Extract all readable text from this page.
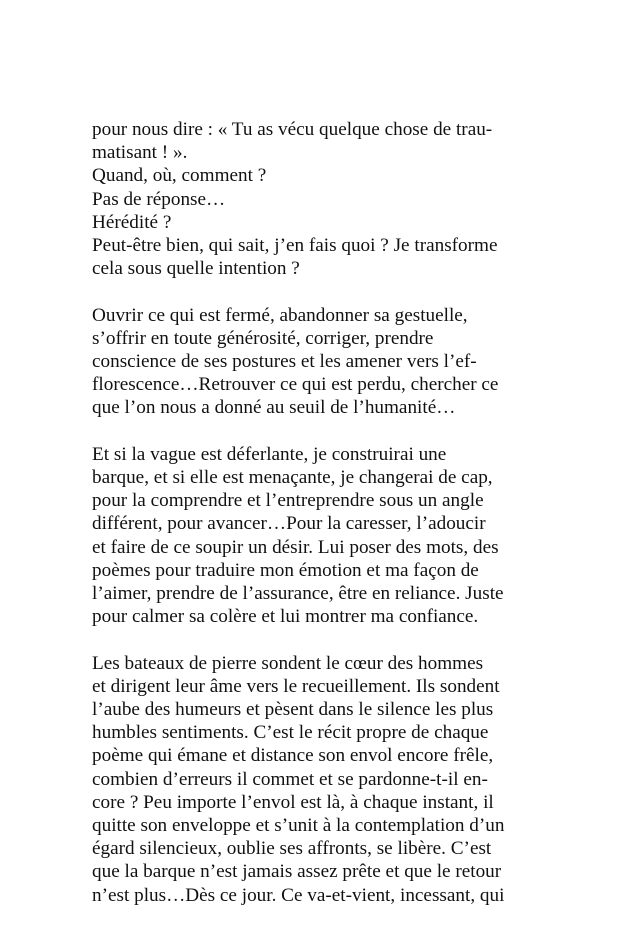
pour nous dire : « Tu as vécu quelque chose de trau-
matisant ! ».
Quand, où, comment ?
Pas de réponse…
Hérédité ?
Peut-être bien, qui sait, j’en fais quoi ? Je transforme
cela sous quelle intention ?

Ouvrir ce qui est fermé, abandonner sa gestuelle,
s’offrir en toute générosité, corriger, prendre
conscience de ses postures et les amener vers l’ef-
florescence…Retrouver ce qui est perdu, chercher ce
que l’on nous a donné au seuil de l’humanité…

Et si la vague est déferlante, je construirai une
barque, et si elle est menaçante, je changerai de cap,
pour la comprendre et l’entreprendre sous un angle
différent, pour avancer…Pour la caresser, l’adoucir
et faire de ce soupir un désir. Lui poser des mots, des
poèmes pour traduire mon émotion et ma façon de
l’aimer, prendre de l’assurance, être en reliance. Juste
pour calmer sa colère et lui montrer ma confiance.

Les bateaux de pierre sondent le cœur des hommes
et dirigent leur âme vers le recueillement. Ils sondent
l’aube des humeurs et pèsent dans le silence les plus
humbles sentiments. C’est le récit propre de chaque
poème qui émane et distance son envol encore frêle,
combien d’erreurs il commet et se pardonne-t-il en-
core ? Peu importe l’envol est là, à chaque instant, il
quitte son enveloppe et s’unit à la contemplation d’un
égard silencieux, oublie ses affronts, se libère. C’est
que la barque n’est jamais assez prête et que le retour
n’est plus…Dès ce jour. Ce va-et-vient, incessant, qui
